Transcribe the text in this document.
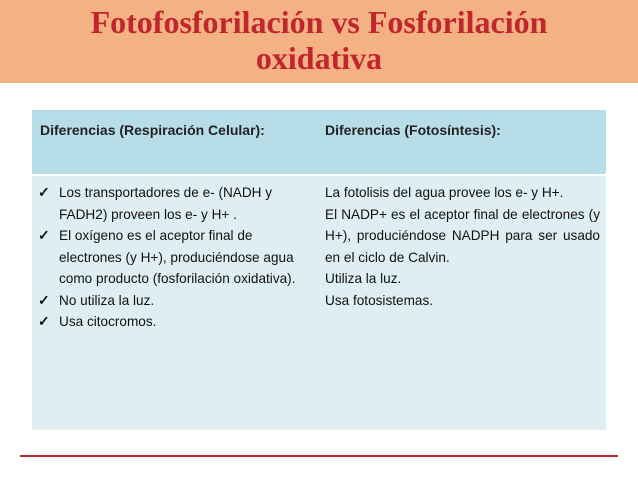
Fotofosforilación vs Fosforilación
oxidativa
Diferencias (Respiración Celular):	Diferencias (Fotosíntesis):
✓ Los transportadores de e- (NADH y FADH2) proveen los e- y H+ .
✓ El oxígeno es el aceptor final de electrones (y H+), produciéndose agua como producto (fosforilación oxidativa).
✓ No utiliza la luz.
✓ Usa citocromos.

La fotolisis del agua provee los e- y H+.

El NADP+ es el aceptor final de electrones (y H+), produciéndose NADPH para ser usado en el ciclo de Calvin.

Utiliza la luz.

Usa fotosistemas.
